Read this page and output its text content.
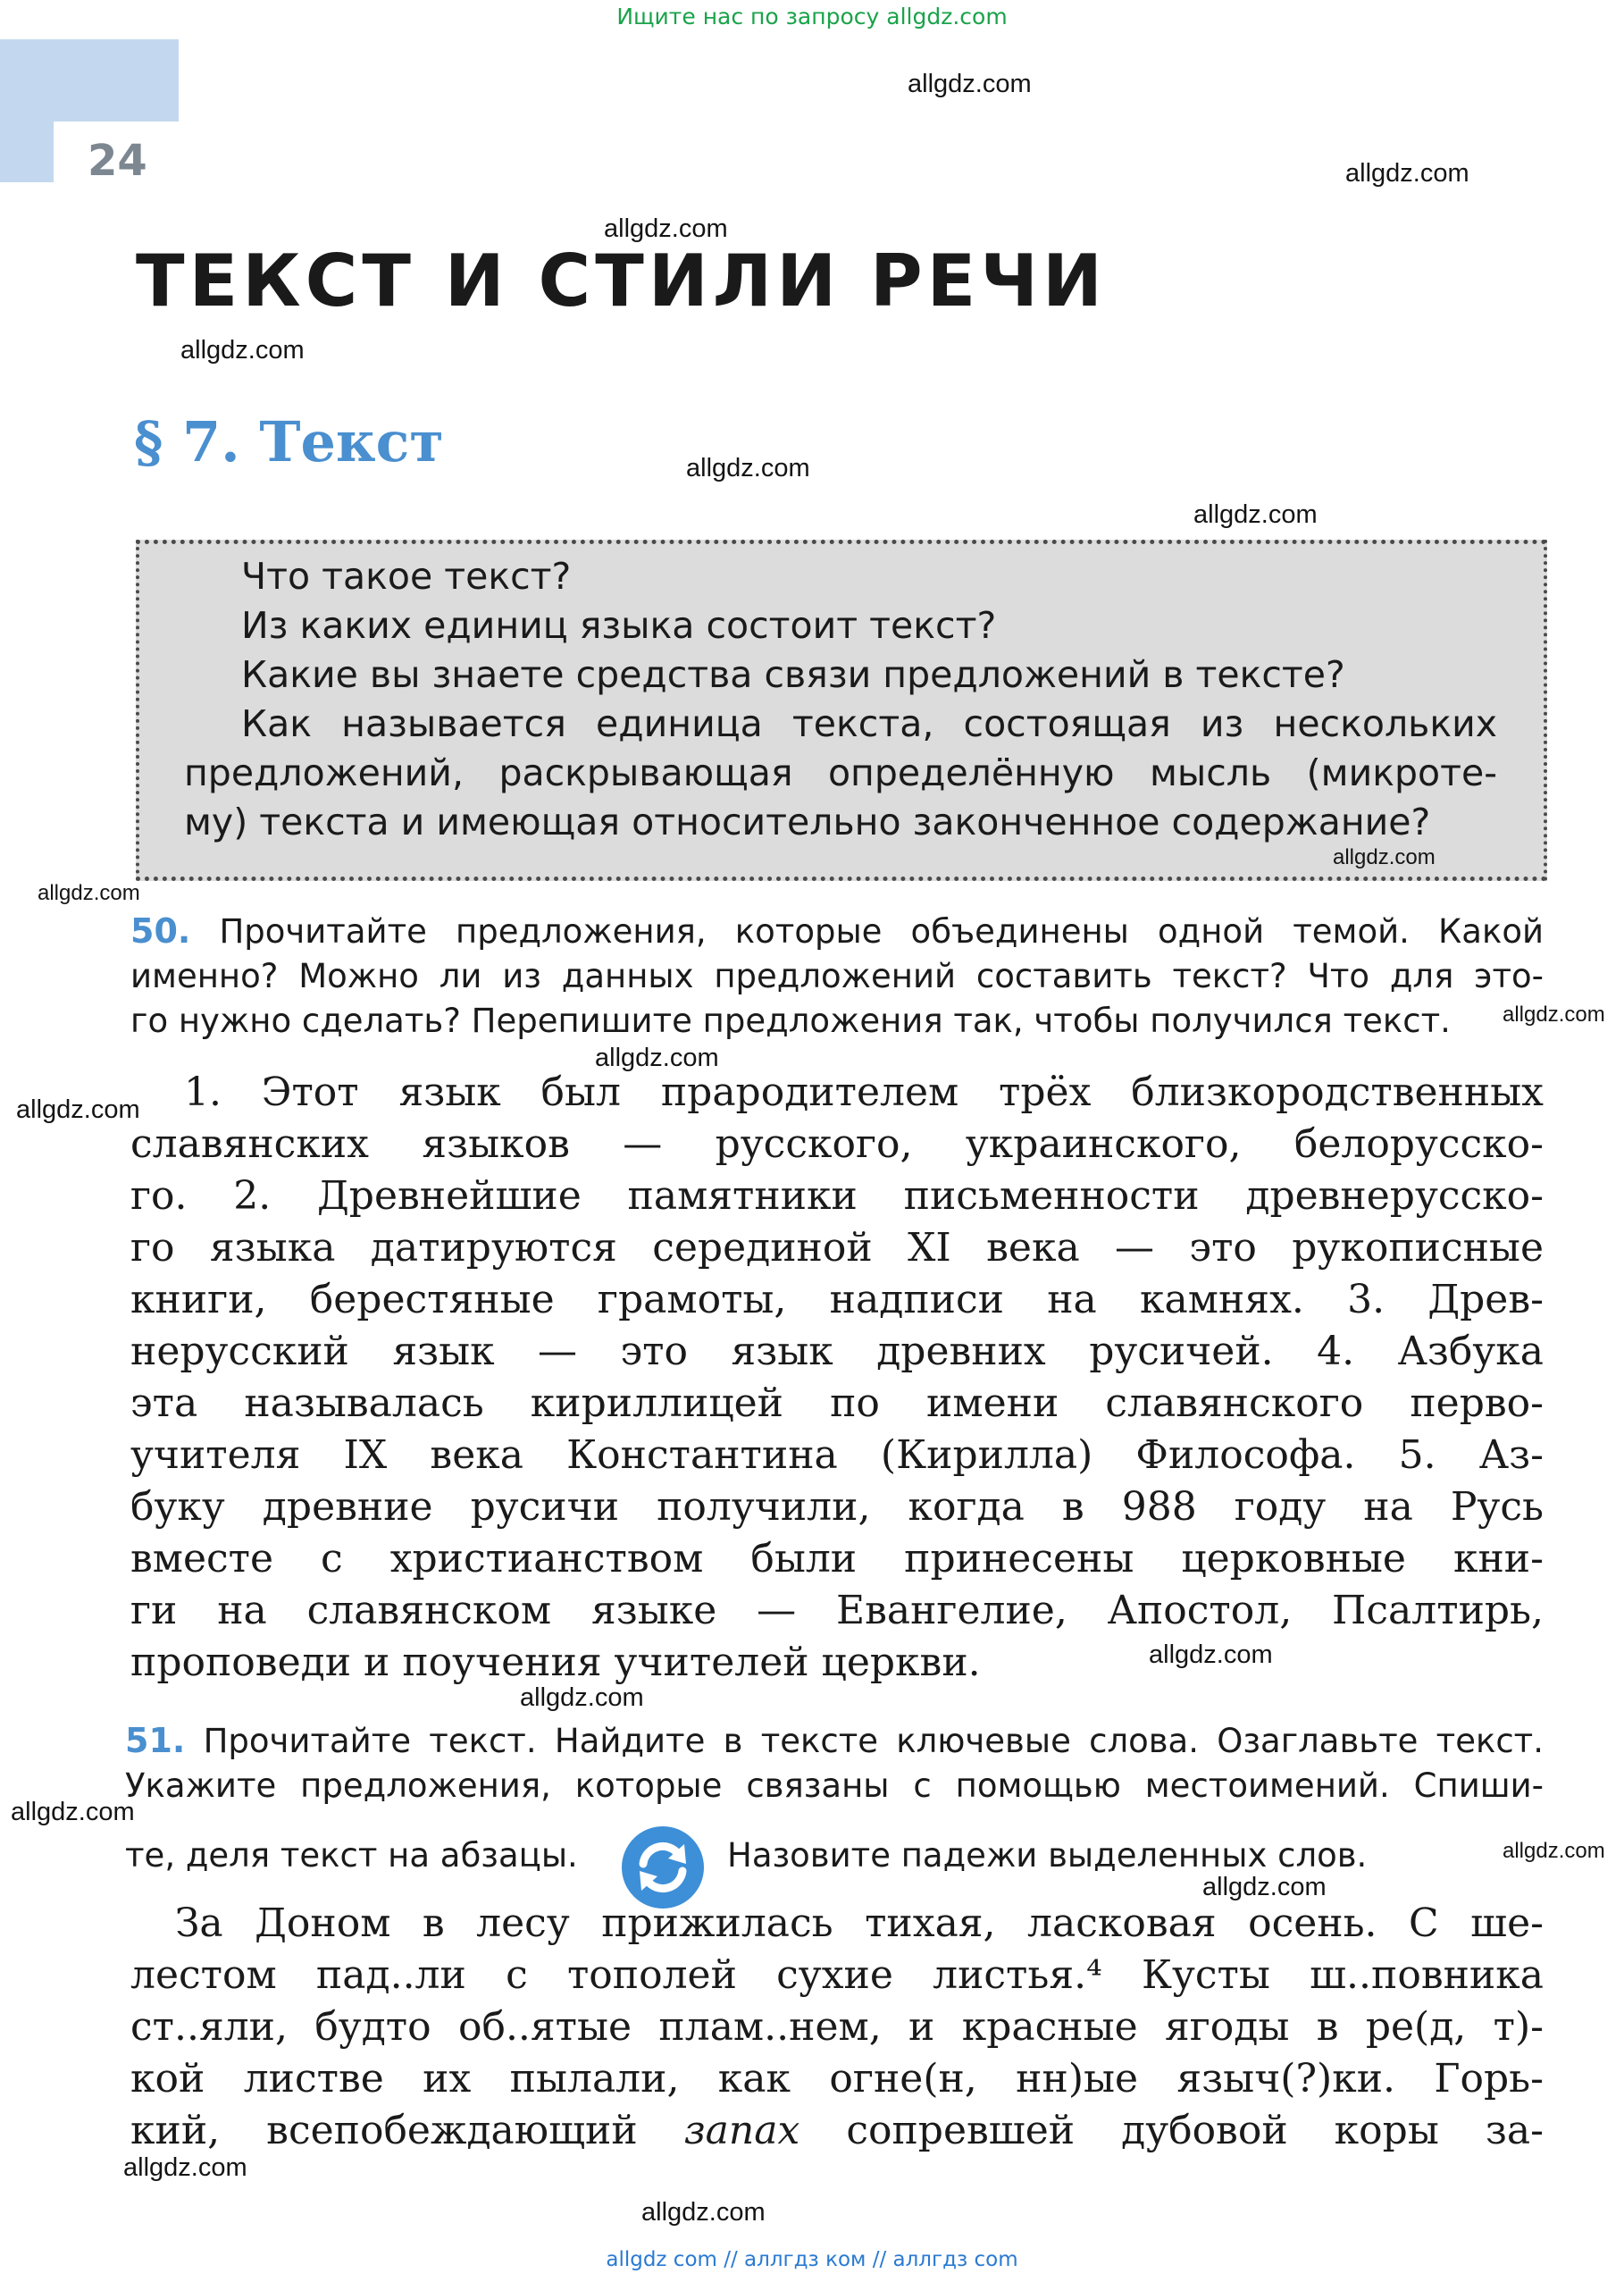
Ищите нас по запросу allgdz.com
24
ТЕКСТ И СТИЛИ РЕЧИ
§ 7. Текст
Что такое текст?
Из каких единиц языка состоит текст?
Какие вы знаете средства связи предложений в тексте?
Как называется единица текста, состоящая из нескольких
предложений, раскрывающая определённую мысль (микроте-
му) текста и имеющая относительно законченное содержание?
50. Прочитайте предложения, которые объединены одной темой. Какой
именно? Можно ли из данных предложений составить текст? Что для это-
го нужно сделать? Перепишите предложения так, чтобы получился текст.
1. Этот язык был прародителем трёх близкородственных
славянских языков — русского, украинского, белорусско-
го. 2. Древнейшие памятники письменности древнерусско-
го языка датируются серединой XI века — это рукописные
книги, берестяные грамоты, надписи на камнях. 3. Древ-
нерусский язык — это язык древних русичей. 4. Азбука
эта называлась кириллицей по имени славянского перво-
учителя IX века Константина (Кирилла) Философа. 5. Аз-
буку древние русичи получили, когда в 988 году на Русь
вместе с христианством были принесены церковные кни-
ги на славянском языке — Евангелие, Апостол, Псалтирь,
проповеди и поучения учителей церкви.
51. Прочитайте текст. Найдите в тексте ключевые слова. Озаглавьте текст.
Укажите предложения, которые связаны с помощью местоимений. Спиши-
те, деля текст на абзацы.	Назовите падежи выделенных слов.
За Доном в лесу прижилась тихая, ласковая осень. С ше-
лестом пад..ли с тополей сухие листья.⁴ Кусты ш..повника
ст..яли, будто об..ятые плам..нем, и красные ягоды в ре(д, т)-
кой листве их пылали, как огне(н, нн)ые языч(?)ки. Горь-
кий, всепобеждающий запах сопревшей дубовой коры за-
allgdz.com
allgdz.com
allgdz.com
allgdz.com
allgdz.com
allgdz.com
allgdz.com
allgdz.com
allgdz.com
allgdz.com
allgdz.com
allgdz.com
allgdz.com
allgdz.com
allgdz.com
allgdz.com
allgdz.com
allgdz.com
allgdz com // аллгдз ком // аллгдз com
